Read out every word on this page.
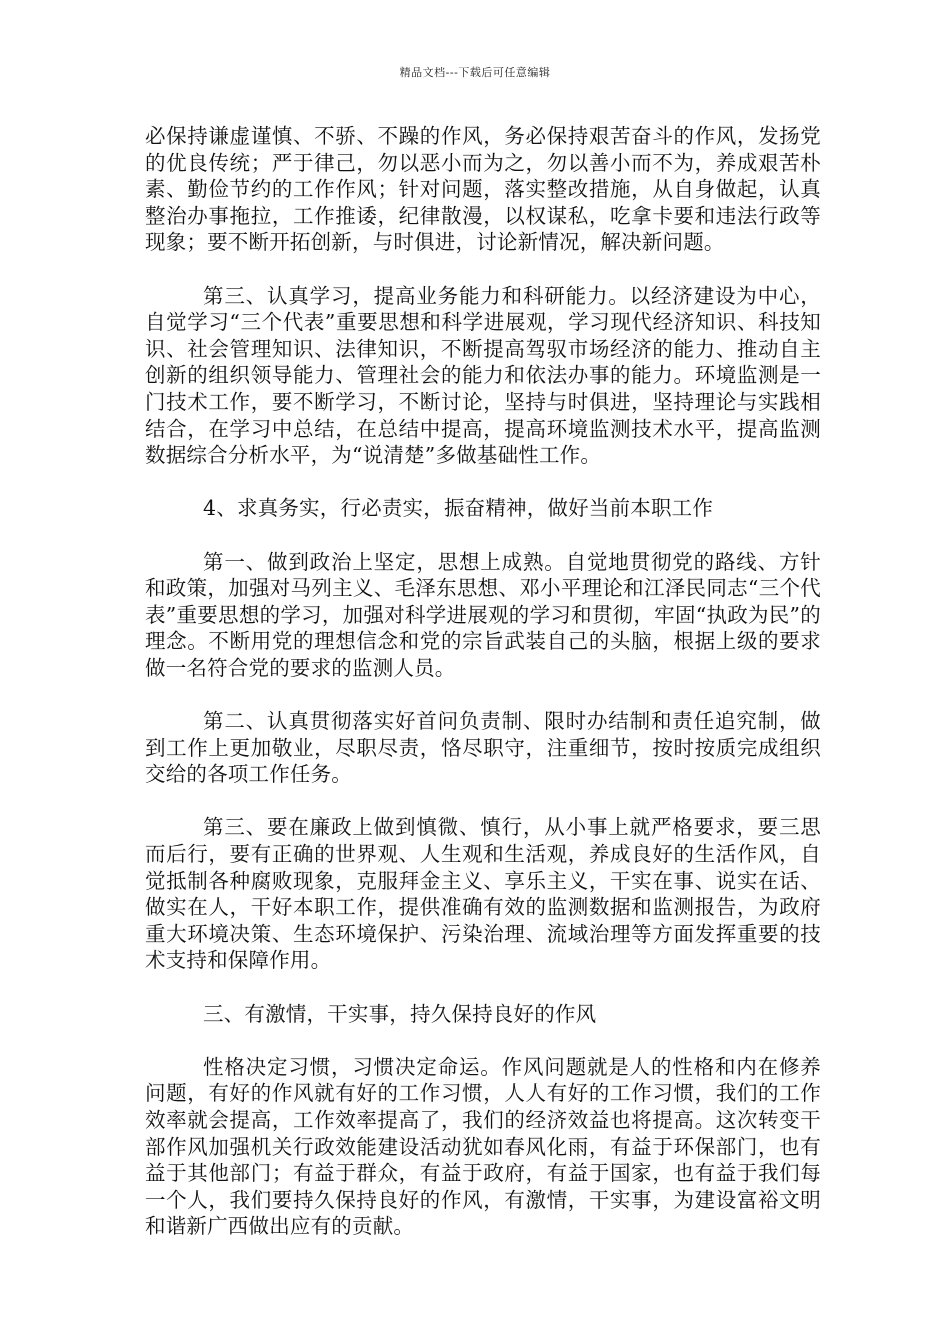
精品文档---下载后可任意编辑

必保持谦虚谨慎、不骄、不躁的作风，务必保持艰苦奋斗的作风，发扬党的优良传统；严于律己，勿以恶小而为之，勿以善小而不为，养成艰苦朴素、勤俭节约的工作作风；针对问题，落实整改措施，从自身做起，认真整治办事拖拉，工作推诿，纪律散漫，以权谋私，吃拿卡要和违法行政等现象；要不断开拓创新，与时俱进，讨论新情况，解决新问题。

第三、认真学习，提高业务能力和科研能力。以经济建设为中心，自觉学习“三个代表”重要思想和科学进展观，学习现代经济知识、科技知识、社会管理知识、法律知识，不断提高驾驭市场经济的能力、推动自主创新的组织领导能力、管理社会的能力和依法办事的能力。环境监测是一门技术工作，要不断学习，不断讨论，坚持与时俱进，坚持理论与实践相结合，在学习中总结，在总结中提高，提高环境监测技术水平，提高监测数据综合分析水平，为“说清楚”多做基础性工作。

4、求真务实，行必责实，振奋精神，做好当前本职工作

第一、做到政治上坚定，思想上成熟。自觉地贯彻党的路线、方针和政策，加强对马列主义、毛泽东思想、邓小平理论和江泽民同志“三个代表”重要思想的学习，加强对科学进展观的学习和贯彻，牢固“执政为民”的理念。不断用党的理想信念和党的宗旨武装自己的头脑，根据上级的要求做一名符合党的要求的监测人员。

第二、认真贯彻落实好首问负责制、限时办结制和责任追究制，做到工作上更加敬业，尽职尽责，恪尽职守，注重细节，按时按质完成组织交给的各项工作任务。

第三、要在廉政上做到慎微、慎行，从小事上就严格要求，要三思而后行，要有正确的世界观、人生观和生活观，养成良好的生活作风，自觉抵制各种腐败现象，克服拜金主义、享乐主义，干实在事、说实在话、做实在人，干好本职工作，提供准确有效的监测数据和监测报告，为政府重大环境决策、生态环境保护、污染治理、流域治理等方面发挥重要的技术支持和保障作用。

三、有激情，干实事，持久保持良好的作风

性格决定习惯，习惯决定命运。作风问题就是人的性格和内在修养问题，有好的作风就有好的工作习惯，人人有好的工作习惯，我们的工作效率就会提高，工作效率提高了，我们的经济效益也将提高。这次转变干部作风加强机关行政效能建设活动犹如春风化雨，有益于环保部门，也有益于其他部门；有益于群众，有益于政府，有益于国家，也有益于我们每一个人，我们要持久保持良好的作风，有激情，干实事，为建设富裕文明和谐新广西做出应有的贡献。
